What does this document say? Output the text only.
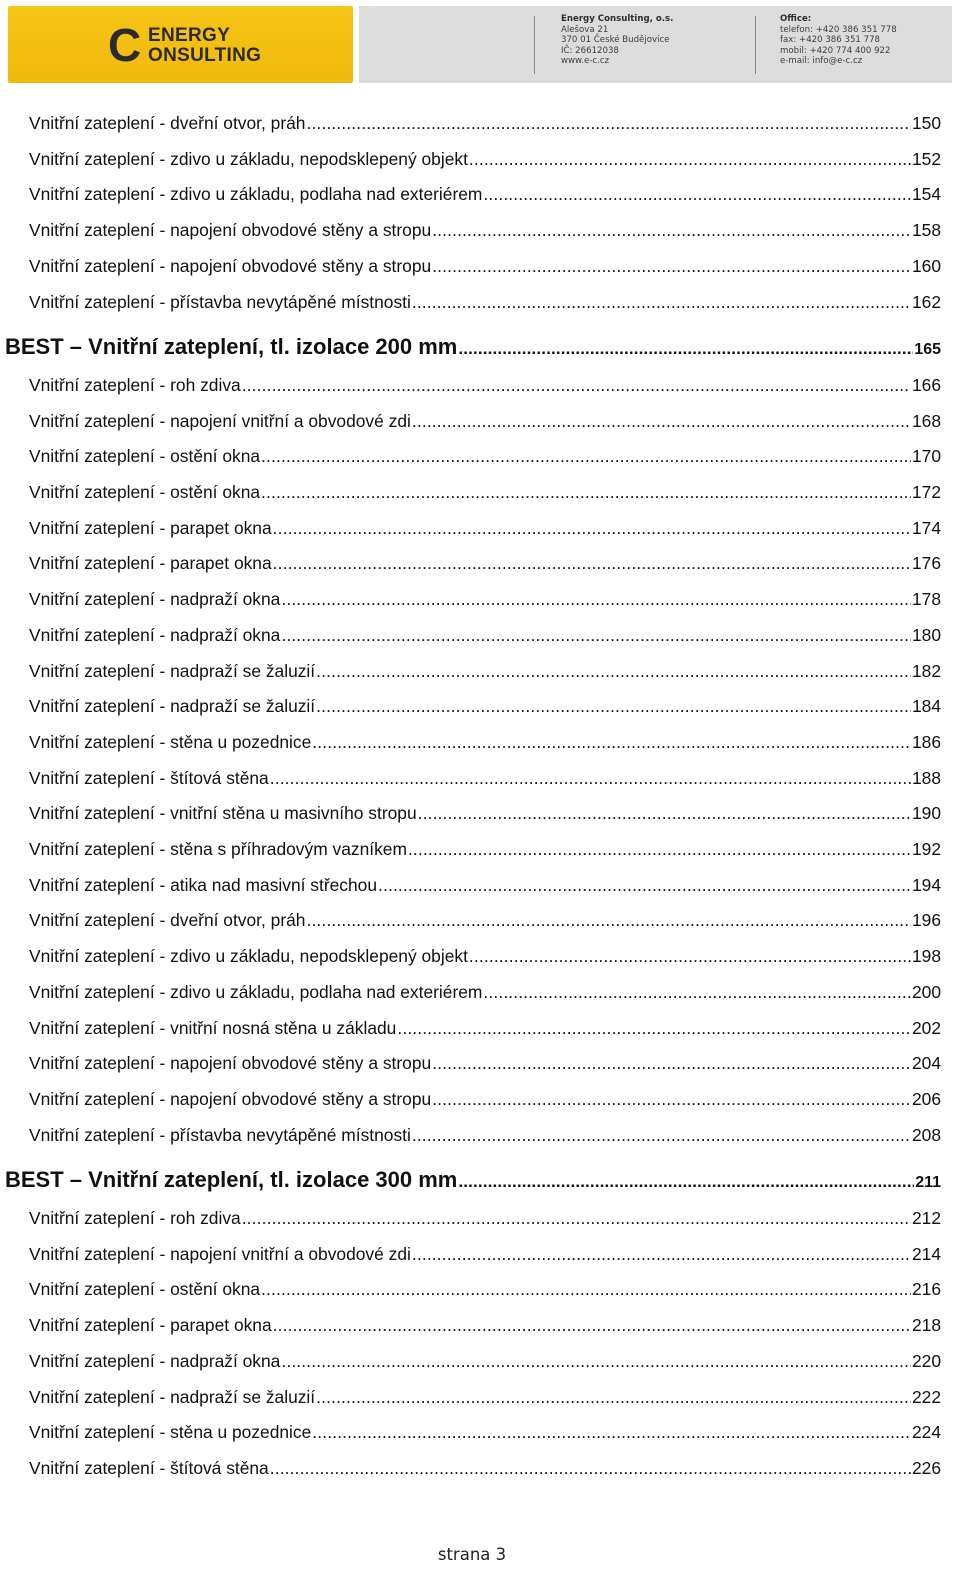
C ENERGY
ONSULTING
Energy Consulting, o.s.
Alešova 21
370 01 České Budějovice
IČ: 26612038
www.e-c.cz
Office:
telefon: +420 386 351 778
fax: +420 386 351 778
mobil: +420 774 400 922
e-mail: info@e-c.cz
Vnitřní zateplení - dveřní otvor, práh .....	150
Vnitřní zateplení - zdivo u základu, nepodsklepený objekt .....	152
Vnitřní zateplení - zdivo u základu, podlaha nad exteriérem .....	154
Vnitřní zateplení - napojení obvodové stěny a stropu .....	158
Vnitřní zateplení - napojení obvodové stěny a stropu .....	160
Vnitřní zateplení - přístavba nevytápěné místnosti .....	162
BEST – Vnitřní zateplení, tl. izolace 200 mm .....	165
Vnitřní zateplení - roh zdiva .....	166
Vnitřní zateplení - napojení vnitřní a obvodové zdi .....	168
Vnitřní zateplení - ostění okna .....	170
Vnitřní zateplení - ostění okna .....	172
Vnitřní zateplení - parapet okna .....	174
Vnitřní zateplení - parapet okna .....	176
Vnitřní zateplení - nadpraží okna .....	178
Vnitřní zateplení - nadpraží okna .....	180
Vnitřní zateplení - nadpraží se žaluzií .....	182
Vnitřní zateplení - nadpraží se žaluzií .....	184
Vnitřní zateplení - stěna u pozednice .....	186
Vnitřní zateplení - štítová stěna .....	188
Vnitřní zateplení - vnitřní stěna u masivního stropu .....	190
Vnitřní zateplení - stěna s příhradovým vazníkem .....	192
Vnitřní zateplení - atika nad masivní střechou .....	194
Vnitřní zateplení - dveřní otvor, práh .....	196
Vnitřní zateplení - zdivo u základu, nepodsklepený objekt .....	198
Vnitřní zateplení - zdivo u základu, podlaha nad exteriérem .....	200
Vnitřní zateplení - vnitřní nosná stěna u základu .....	202
Vnitřní zateplení - napojení obvodové stěny a stropu .....	204
Vnitřní zateplení - napojení obvodové stěny a stropu .....	206
Vnitřní zateplení - přístavba nevytápěné místnosti .....	208
BEST – Vnitřní zateplení, tl. izolace 300 mm .....	211
Vnitřní zateplení - roh zdiva .....	212
Vnitřní zateplení - napojení vnitřní a obvodové zdi .....	214
Vnitřní zateplení - ostění okna .....	216
Vnitřní zateplení - parapet okna .....	218
Vnitřní zateplení - nadpraží okna .....	220
Vnitřní zateplení - nadpraží se žaluzií .....	222
Vnitřní zateplení - stěna u pozednice .....	224
Vnitřní zateplení - štítová stěna .....	226
strana 3
